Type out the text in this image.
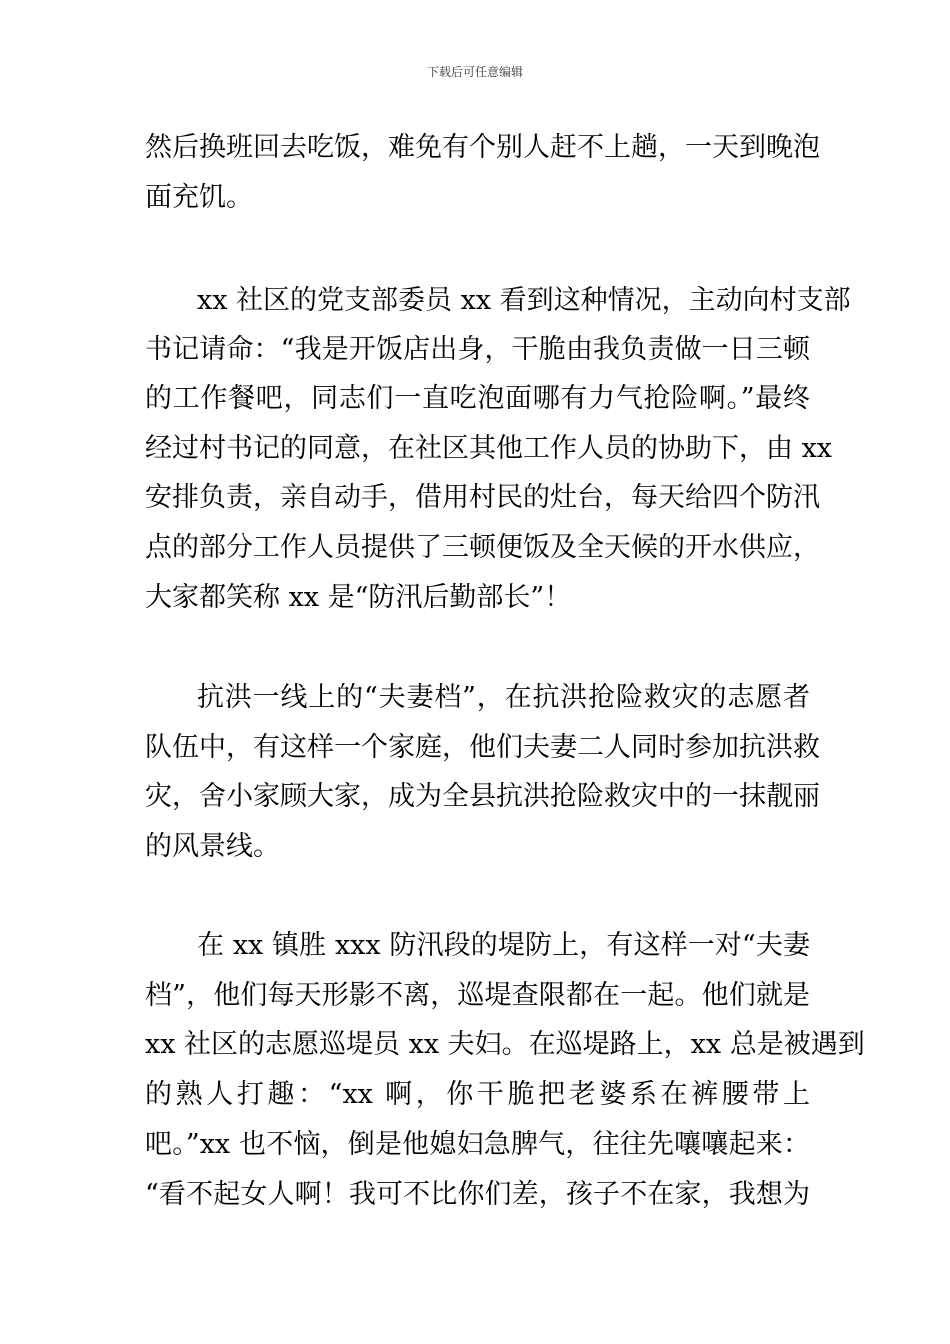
下载后可任意编辑
然后换班回去吃饭，难免有个别人赶不上趟，一天到晚泡
面充饥。
xx 社区的党支部委员 xx 看到这种情况，主动向村支部
书记请命：“我是开饭店出身，干脆由我负责做一日三顿
的工作餐吧，同志们一直吃泡面哪有力气抢险啊。”最终
经过村书记的同意，在社区其他工作人员的协助下，由 xx
安排负责，亲自动手，借用村民的灶台，每天给四个防汛
点的部分工作人员提供了三顿便饭及全天候的开水供应，
大家都笑称 xx 是“防汛后勤部长”！
抗洪一线上的“夫妻档”，在抗洪抢险救灾的志愿者
队伍中，有这样一个家庭，他们夫妻二人同时参加抗洪救
灾，舍小家顾大家，成为全县抗洪抢险救灾中的一抹靓丽
的风景线。
在 xx 镇胜 xxx 防汛段的堤防上，有这样一对“夫妻
档”，他们每天形影不离，巡堤查限都在一起。他们就是
xx 社区的志愿巡堤员 xx 夫妇。在巡堤路上，xx 总是被遇到
的熟人打趣：“xx 啊，你干脆把老婆系在裤腰带上
吧。”xx 也不恼，倒是他媳妇急脾气，往往先嚷嚷起来：
“看不起女人啊！我可不比你们差，孩子不在家，我想为
